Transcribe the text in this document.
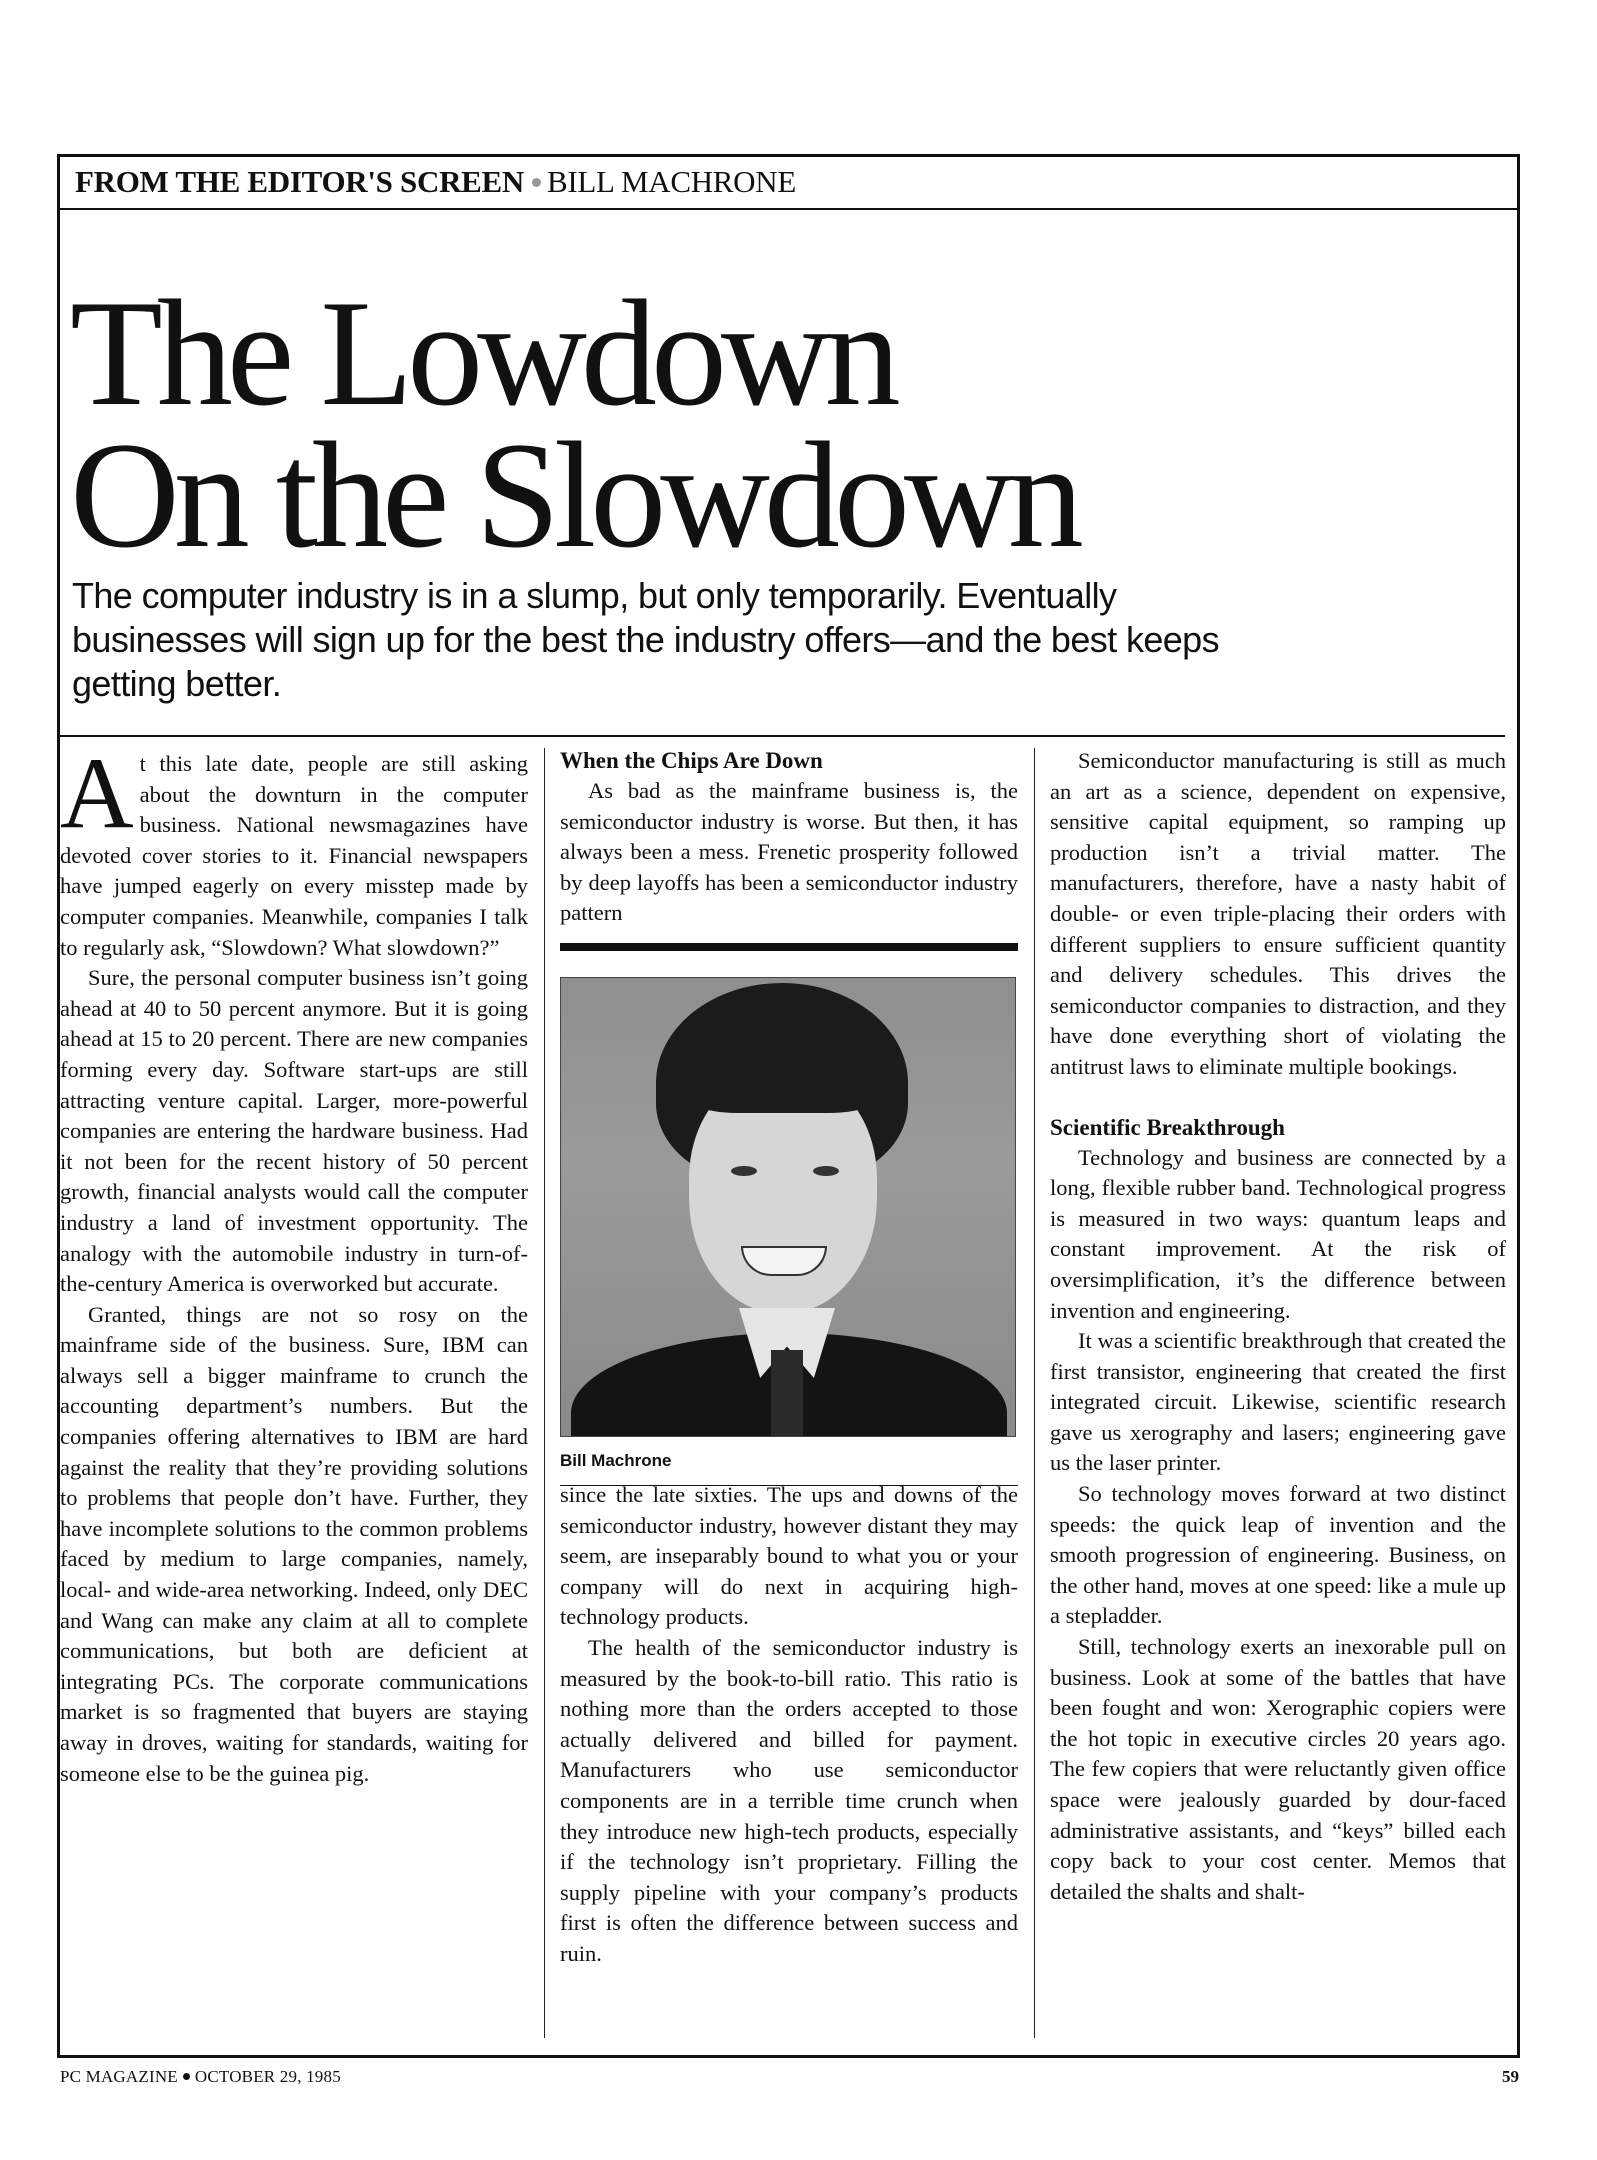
FROM THE EDITOR'S SCREEN BILL MACHRONE
The Lowdown
On the Slowdown

The computer industry is in a slump, but only temporarily. Eventually businesses will sign up for the best the industry offers—and the best keeps getting better.

At this late date, people are still asking about the downturn in the computer business. National newsmagazines have devoted cover stories to it. Financial newspapers have jumped eagerly on every misstep made by computer companies. Meanwhile, companies I talk to regularly ask, “Slowdown? What slowdown?”

Sure, the personal computer business isn’t going ahead at 40 to 50 percent anymore. But it is going ahead at 15 to 20 percent. There are new companies forming every day. Software start-ups are still attracting venture capital. Larger, more-powerful companies are entering the hardware business. Had it not been for the recent history of 50 percent growth, financial analysts would call the computer industry a land of investment opportunity. The analogy with the automobile industry in turn-of-the-century America is overworked but accurate.

Granted, things are not so rosy on the mainframe side of the business. Sure, IBM can always sell a bigger mainframe to crunch the accounting department’s numbers. But the companies offering alternatives to IBM are hard against the reality that they’re providing solutions to problems that people don’t have. Further, they have incomplete solutions to the common problems faced by medium to large companies, namely, local- and wide-area networking. Indeed, only DEC and Wang can make any claim at all to complete communications, but both are deficient at integrating PCs. The corporate communications market is so fragmented that buyers are staying away in droves, waiting for standards, waiting for someone else to be the guinea pig.

When the Chips Are Down

As bad as the mainframe business is, the semiconductor industry is worse. But then, it has always been a mess. Frenetic prosperity followed by deep layoffs has been a semiconductor industry pattern

Bill Machrone

since the late sixties. The ups and downs of the semiconductor industry, however distant they may seem, are inseparably bound to what you or your company will do next in acquiring high-technology products.

The health of the semiconductor industry is measured by the book-to-bill ratio. This ratio is nothing more than the orders accepted to those actually delivered and billed for payment. Manufacturers who use semiconductor components are in a terrible time crunch when they introduce new high-tech products, especially if the technology isn’t proprietary. Filling the supply pipeline with your company’s products first is often the difference between success and ruin.

Semiconductor manufacturing is still as much an art as a science, dependent on expensive, sensitive capital equipment, so ramping up production isn’t a trivial matter. The manufacturers, therefore, have a nasty habit of double- or even triple-placing their orders with different suppliers to ensure sufficient quantity and delivery schedules. This drives the semiconductor companies to distraction, and they have done everything short of violating the antitrust laws to eliminate multiple bookings.

Scientific Breakthrough

Technology and business are connected by a long, flexible rubber band. Technological progress is measured in two ways: quantum leaps and constant improvement. At the risk of oversimplification, it’s the difference between invention and engineering.

It was a scientific breakthrough that created the first transistor, engineering that created the first integrated circuit. Likewise, scientific research gave us xerography and lasers; engineering gave us the laser printer.

So technology moves forward at two distinct speeds: the quick leap of invention and the smooth progression of engineering. Business, on the other hand, moves at one speed: like a mule up a stepladder.

Still, technology exerts an inexorable pull on business. Look at some of the battles that have been fought and won: Xerographic copiers were the hot topic in executive circles 20 years ago. The few copiers that were reluctantly given office space were jealously guarded by dour-faced administrative assistants, and “keys” billed each copy back to your cost center. Memos that detailed the shalts and shalt-

PC MAGAZINE OCTOBER 29, 1985	59
